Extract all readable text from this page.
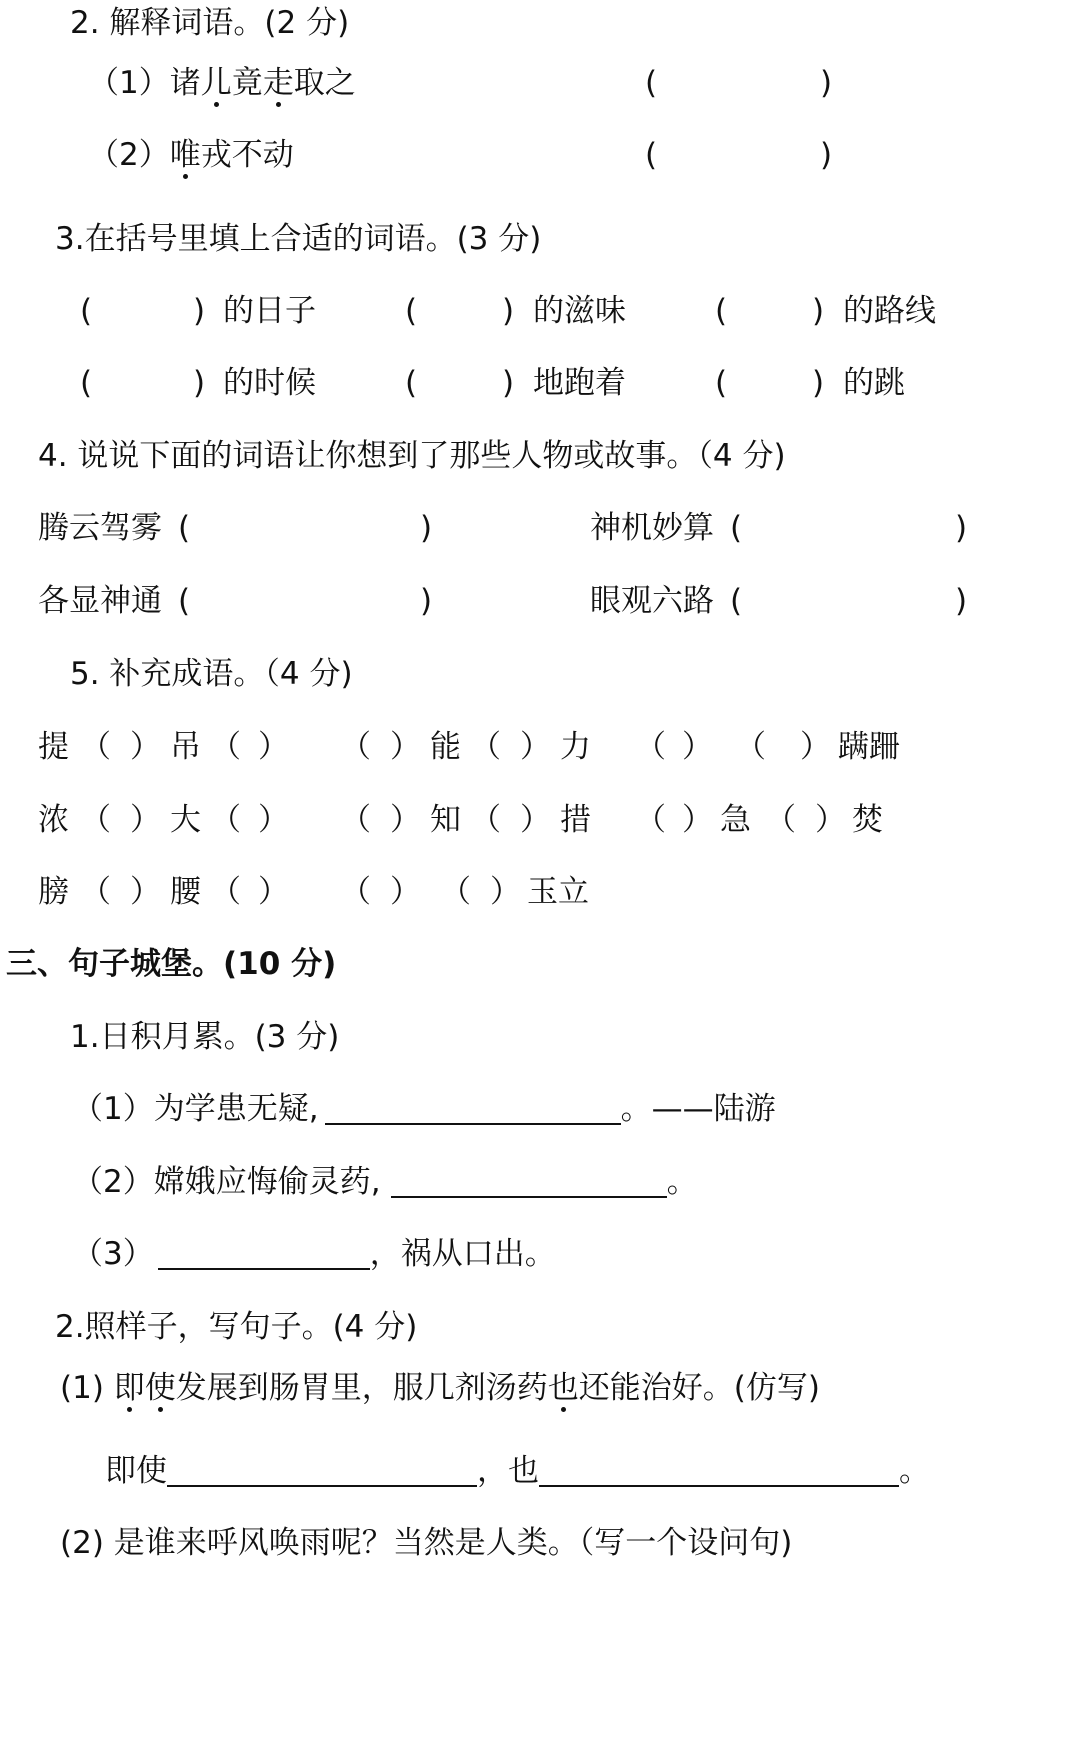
2. 解释词语。(2 分)
（1）诸儿竟走取之	(	)
（2）唯戎不动	(	)
3.在括号里填上合适的词语。(3 分)
(	) 的日子	(	) 的滋味	(	) 的路线
(	) 的时候	(	) 地跑着	(	) 的跳
4. 说说下面的词语让你想到了那些人物或故事。（4 分)
腾云驾雾 (	)	神机妙算 (	)
各显神通 (	)	眼观六路 (	)
5. 补充成语。（4 分)
提 （ ） 吊 （ ） （ ） 能 （ ） 力 （ ） （ ） 蹒跚
浓 （ ） 大 （ ） （ ） 知 （ ） 措 （ ） 急 （ ） 焚
膀 （ ） 腰 （ ） （ ） （ ） 玉立
三、句子城堡。(10 分)
1.日积月累。(3 分)
（1）为学患无疑,	。——陆游
（2）嫦娥应悔偷灵药,	。
（3）	，祸从口出。
2.照样子，写句子。(4 分)
(1) 即使发展到肠胃里，服几剂汤药也还能治好。(仿写)
即使	，也	。
(2) 是谁来呼风唤雨呢？当然是人类。（写一个设问句)
